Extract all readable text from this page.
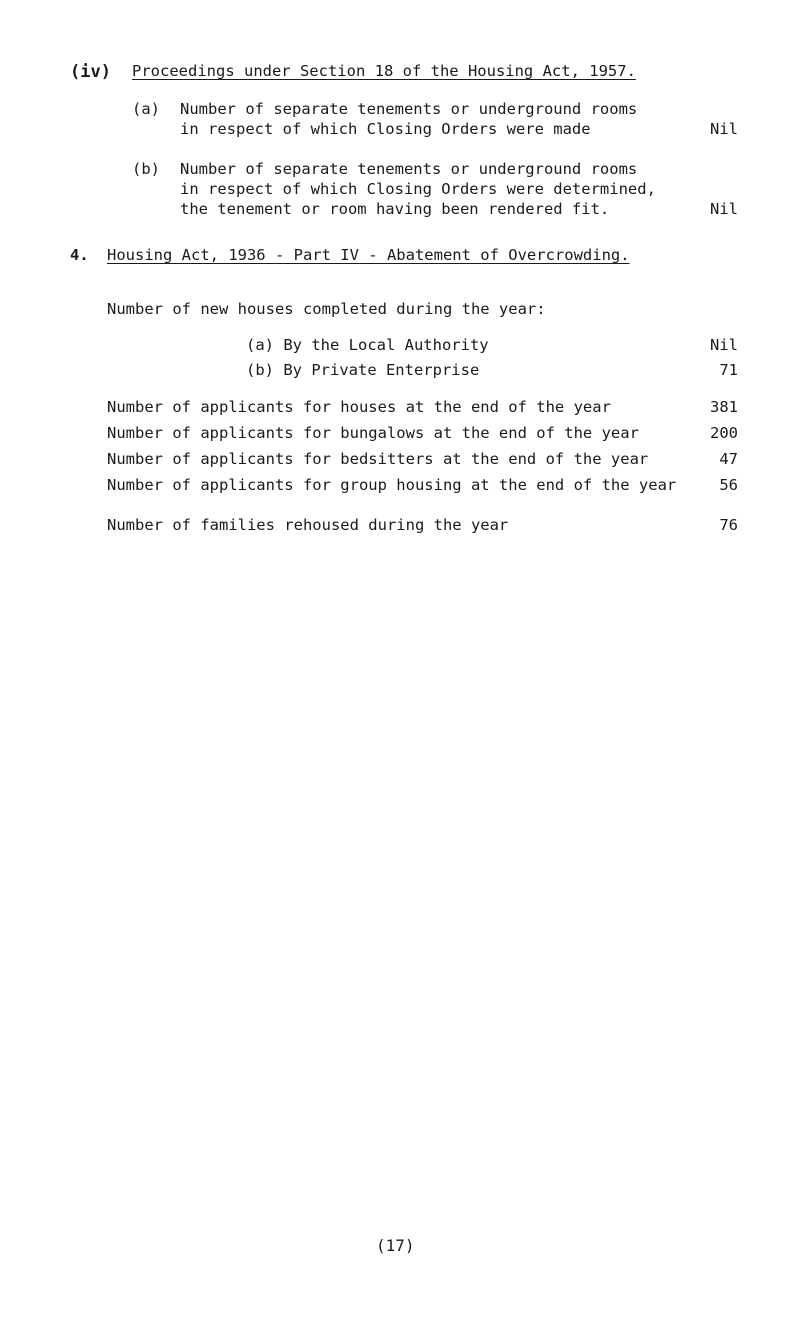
(iv) Proceedings under Section 18 of the Housing Act, 1957.
(a) Number of separate tenements or underground rooms
in respect of which Closing Orders were made	Nil
(b) Number of separate tenements or underground rooms
in respect of which Closing Orders were determined,
the tenement or room having been rendered fit.	Nil
4. Housing Act, 1936 - Part IV - Abatement of Overcrowding.
Number of new houses completed during the year:
(a) By the Local Authority	Nil
(b) By Private Enterprise	71
Number of applicants for houses at the end of the year	381
Number of applicants for bungalows at the end of the year	200
Number of applicants for bedsitters at the end of the year	47
Number of applicants for group housing at the end of the year	56
Number of families rehoused during the year	76
(17)
